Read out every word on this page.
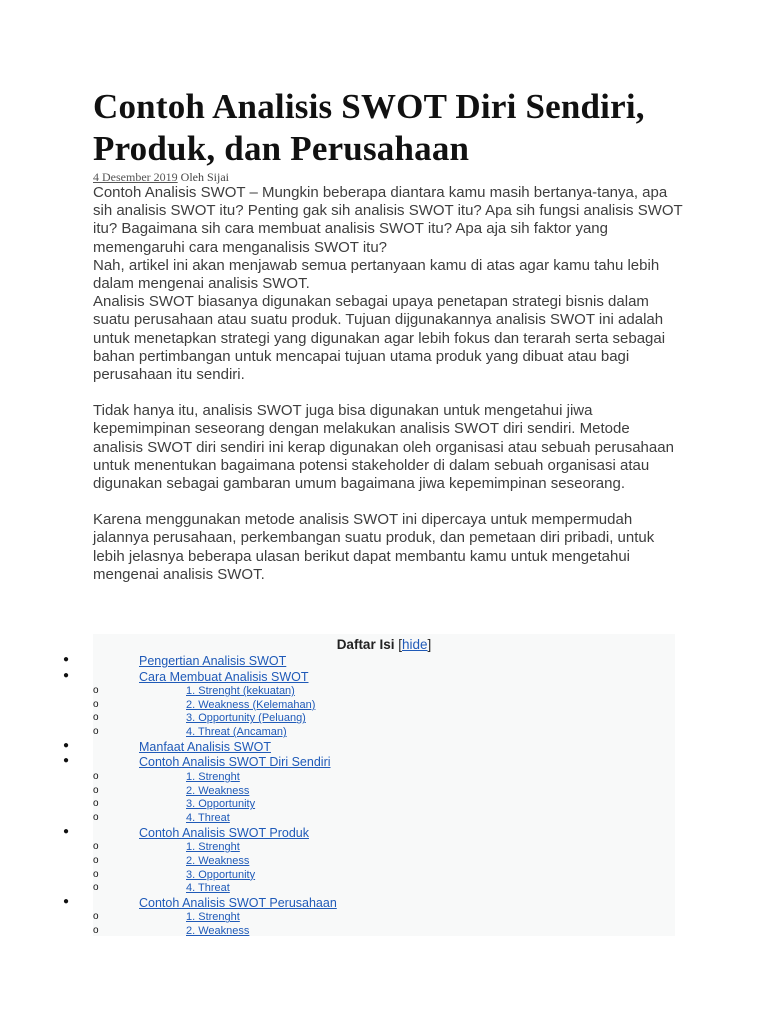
Contoh Analisis SWOT Diri Sendiri, Produk, dan Perusahaan
4 Desember 2019 Oleh Sijai

Contoh Analisis SWOT – Mungkin beberapa diantara kamu masih bertanya-tanya, apa sih analisis SWOT itu? Penting gak sih analisis SWOT itu? Apa sih fungsi analisis SWOT itu? Bagaimana sih cara membuat analisis SWOT itu? Apa aja sih faktor yang memengaruhi cara menganalisis SWOT itu?

Nah, artikel ini akan menjawab semua pertanyaan kamu di atas agar kamu tahu lebih dalam mengenai analisis SWOT.

Analisis SWOT biasanya digunakan sebagai upaya penetapan strategi bisnis dalam suatu perusahaan atau suatu produk. Tujuan dijgunakannya analisis SWOT ini adalah untuk menetapkan strategi yang digunakan agar lebih fokus dan terarah serta sebagai bahan pertimbangan untuk mencapai tujuan utama produk yang dibuat atau bagi perusahaan itu sendiri.

Tidak hanya itu, analisis SWOT juga bisa digunakan untuk mengetahui jiwa kepemimpinan seseorang dengan melakukan analisis SWOT diri sendiri. Metode analisis SWOT diri sendiri ini kerap digunakan oleh organisasi atau sebuah perusahaan untuk menentukan bagaimana potensi stakeholder di dalam sebuah organisasi atau digunakan sebagai gambaran umum bagaimana jiwa kepemimpinan seseorang.

Karena menggunakan metode analisis SWOT ini dipercaya untuk mempermudah jalannya perusahaan, perkembangan suatu produk, dan pemetaan diri pribadi, untuk lebih jelasnya beberapa ulasan berikut dapat membantu kamu untuk mengetahui mengenai analisis SWOT.

Daftar Isi [hide]
●	Pengertian Analisis SWOT
●	Cara Membuat Analisis SWOT
o	1. Strenght (kekuatan)
o	2. Weakness (Kelemahan)
o	3. Opportunity (Peluang)
o	4. Threat (Ancaman)
●	Manfaat Analisis SWOT
●	Contoh Analisis SWOT Diri Sendiri
o	1. Strenght
o	2. Weakness
o	3. Opportunity
o	4. Threat
●	Contoh Analisis SWOT Produk
o	1. Strenght
o	2. Weakness
o	3. Opportunity
o	4. Threat
●	Contoh Analisis SWOT Perusahaan
o	1. Strenght
o	2. Weakness
